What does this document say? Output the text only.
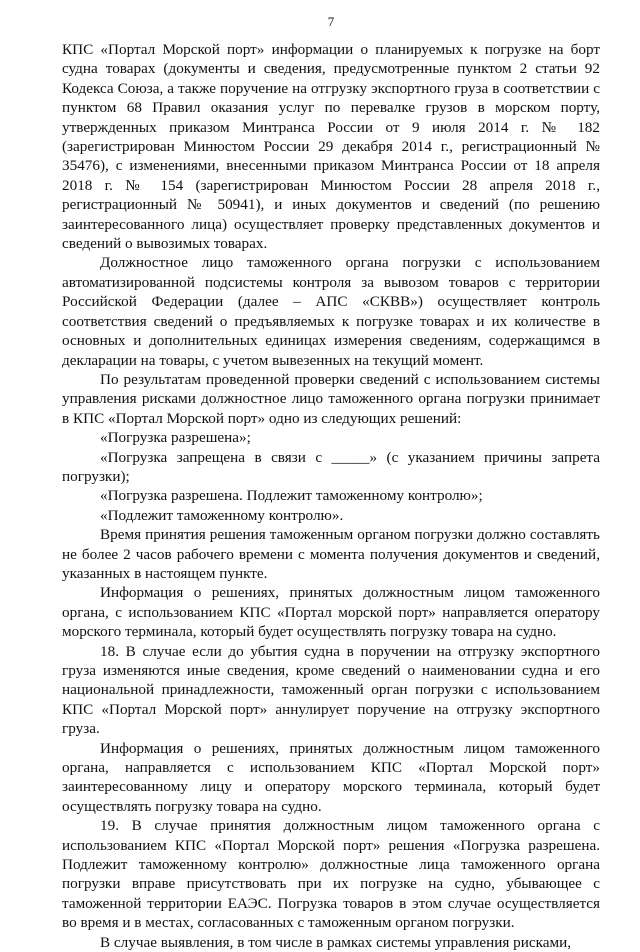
7

КПС «Портал Морской порт» информации о планируемых к погрузке на борт судна товарах (документы и сведения, предусмотренные пунктом 2 статьи 92 Кодекса Союза, а также поручение на отгрузку экспортного груза в соответствии с пунктом 68 Правил оказания услуг по перевалке грузов в морском порту, утвержденных приказом Минтранса России от 9 июля 2014 г. № 182 (зарегистрирован Минюстом России 29 декабря 2014 г., регистрационный № 35476), с изменениями, внесенными приказом Минтранса России от 18 апреля 2018 г. № 154 (зарегистрирован Минюстом России 28 апреля 2018 г., регистрационный № 50941), и иных документов и сведений (по решению заинтересованного лица) осуществляет проверку представленных документов и сведений о вывозимых товарах.

Должностное лицо таможенного органа погрузки с использованием автоматизированной подсистемы контроля за вывозом товаров с территории Российской Федерации (далее – АПС «СКВВ») осуществляет контроль соответствия сведений о предъявляемых к погрузке товарах и их количестве в основных и дополнительных единицах измерения сведениям, содержащимся в декларации на товары, с учетом вывезенных на текущий момент.

По результатам проведенной проверки сведений с использованием системы управления рисками должностное лицо таможенного органа погрузки принимает в КПС «Портал Морской порт» одно из следующих решений:

«Погрузка разрешена»;

«Погрузка запрещена в связи с _____» (с указанием причины запрета погрузки);

«Погрузка разрешена. Подлежит таможенному контролю»;

«Подлежит таможенному контролю».

Время принятия решения таможенным органом погрузки должно составлять не более 2 часов рабочего времени с момента получения документов и сведений, указанных в настоящем пункте.

Информация о решениях, принятых должностным лицом таможенного органа, с использованием КПС «Портал морской порт» направляется оператору морского терминала, который будет осуществлять погрузку товара на судно.

18. В случае если до убытия судна в поручении на отгрузку экспортного груза изменяются иные сведения, кроме сведений о наименовании судна и его национальной принадлежности, таможенный орган погрузки с использованием КПС «Портал Морской порт» аннулирует поручение на отгрузку экспортного груза.

Информация о решениях, принятых должностным лицом таможенного органа, направляется с использованием КПС «Портал Морской порт» заинтересованному лицу и оператору морского терминала, который будет осуществлять погрузку товара на судно.

19. В случае принятия должностным лицом таможенного органа с использованием КПС «Портал Морской порт» решения «Погрузка разрешена. Подлежит таможенному контролю» должностные лица таможенного органа погрузки вправе присутствовать при их погрузке на судно, убывающее с таможенной территории ЕАЭС. Погрузка товаров в этом случае осуществляется во время и в местах, согласованных с таможенным органом погрузки.

В случае выявления, в том числе в рамках системы управления рисками,
